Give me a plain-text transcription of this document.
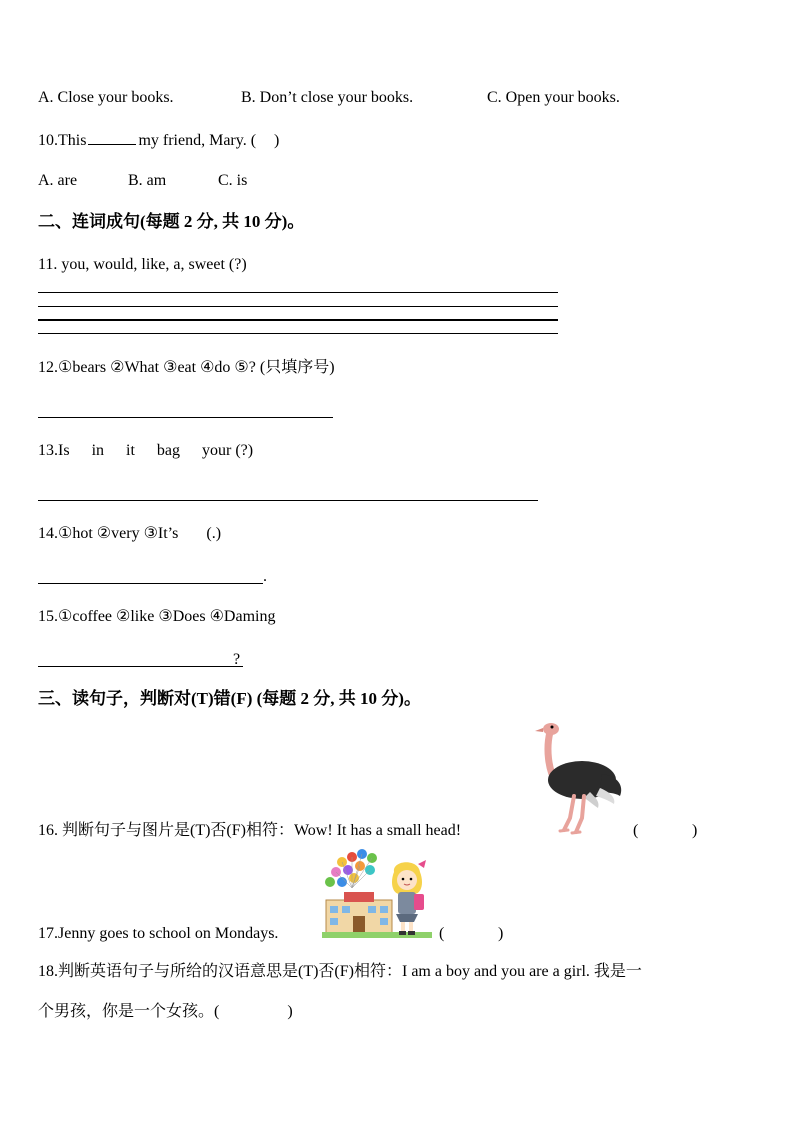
A. Close your books.	B. Don’t close your books.	C. Open your books.
10.This	my friend, Mary. ( )
A. are	B. am	C. is
二、连词成句(每题 2 分, 共 10 分)。
11. you, would, like, a, sweet (?)
12.①bears ②What ③eat ④do ⑤? (只填序号)
13.Is in it bag your (?)
14.①hot ②very ③It’s (.)
.
15.①coffee ②like ③Does ④Daming
?
三、读句子，判断对(T)错(F) (每题 2 分, 共 10 分)。
16. 判断句子与图片是(T)否(F)相符：Wow! It has a small head!	(	)
17.Jenny goes to school on Mondays.	(	)
18.判断英语句子与所给的汉语意思是(T)否(F)相符：I am a boy and you are a girl. 我是一
个男孩，你是一个女孩。(	)
